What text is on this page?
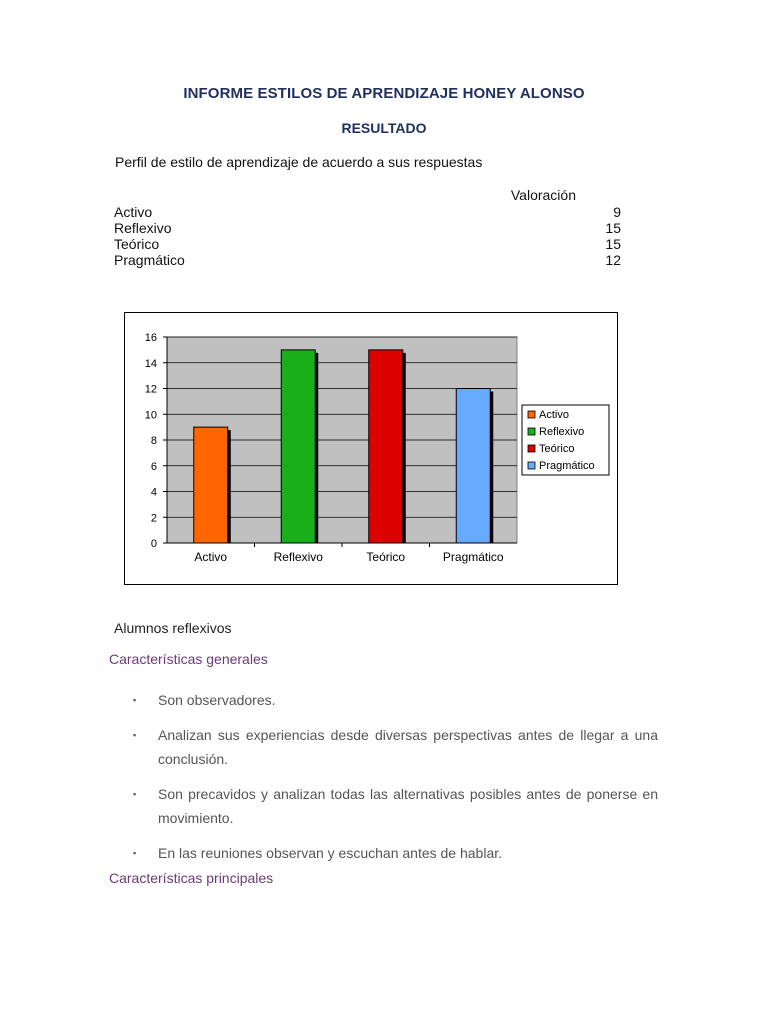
INFORME ESTILOS DE APRENDIZAJE HONEY ALONSO
RESULTADO
Perfil de estilo de aprendizaje de acuerdo a sus respuestas
Valoración
Activo	9
Reflexivo	15
Teórico	15
Pragmático	12
0
2
4
6
8
10
12
14
16
Activo	Reflexivo	Teórico	Pragmático
Activo
Reflexivo
Teórico
Pragmático
Alumnos reflexivos
Características generales
▪ Son observadores.
▪ Analizan sus experiencias desde diversas perspectivas antes de llegar a una conclusión.
▪ Son precavidos y analizan todas las alternativas posibles antes de ponerse en movimiento.
▪ En las reuniones observan y escuchan antes de hablar.
Características principales
